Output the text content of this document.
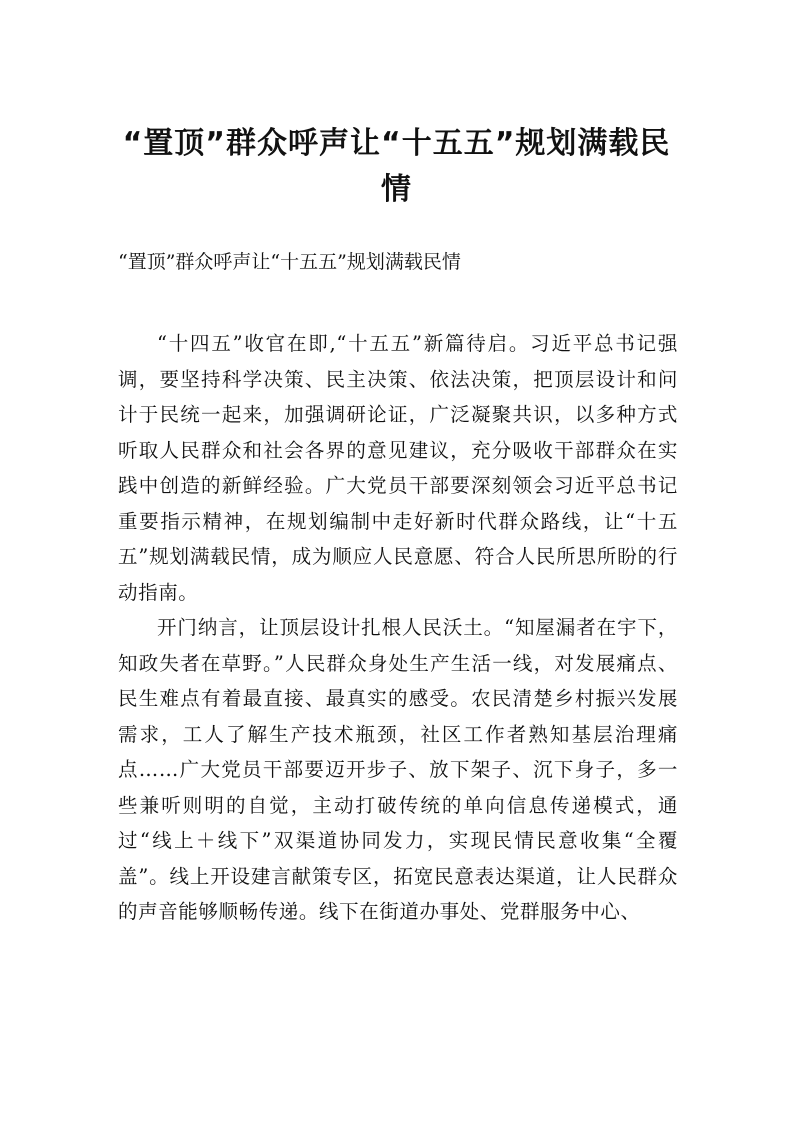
“置顶”群众呼声让“十五五”规划满载民情

“置顶”群众呼声让“十五五”规划满载民情

“十四五”收官在即,“十五五”新篇待启。习近平总书记强调，要坚持科学决策、民主决策、依法决策，把顶层设计和问计于民统一起来，加强调研论证，广泛凝聚共识，以多种方式听取人民群众和社会各界的意见建议，充分吸收干部群众在实践中创造的新鲜经验。广大党员干部要深刻领会习近平总书记重要指示精神，在规划编制中走好新时代群众路线，让“十五五”规划满载民情，成为顺应人民意愿、符合人民所思所盼的行动指南。

开门纳言，让顶层设计扎根人民沃土。“知屋漏者在宇下，知政失者在草野。”人民群众身处生产生活一线，对发展痛点、民生难点有着最直接、最真实的感受。农民清楚乡村振兴发展需求，工人了解生产技术瓶颈，社区工作者熟知基层治理痛点……广大党员干部要迈开步子、放下架子、沉下身子，多一些兼听则明的自觉，主动打破传统的单向信息传递模式，通过“线上＋线下”双渠道协同发力，实现民情民意收集“全覆盖”。线上开设建言献策专区，拓宽民意表达渠道，让人民群众的声音能够顺畅传递。线下在街道办事处、党群服务中心、
